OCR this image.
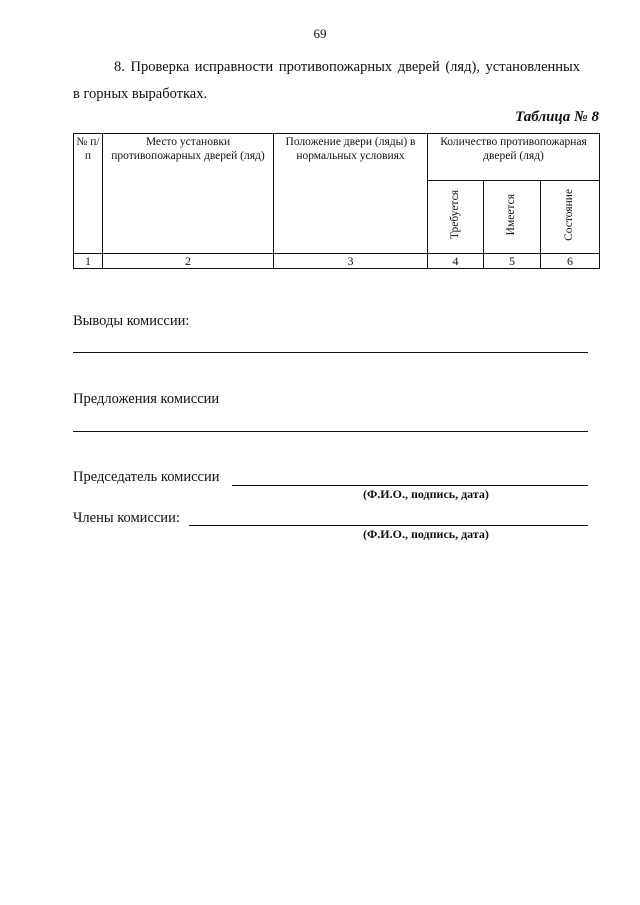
69
8. Проверка исправности противопожарных дверей (ляд), установленных
в горных выработках.
Таблица № 8
№ п/п	Место установки противопожарных дверей (ляд)	Положение двери (ляды) в нормальных условиях	Количество противопожарная дверей (ляд)		

			Требуется	Имеется	Состояние
1	2	3	4	5	6
Выводы комиссии:
Предложения комиссии
Председатель комиссии
(Ф.И.О., подпись, дата)
Члены комиссии:
(Ф.И.О., подпись, дата)
